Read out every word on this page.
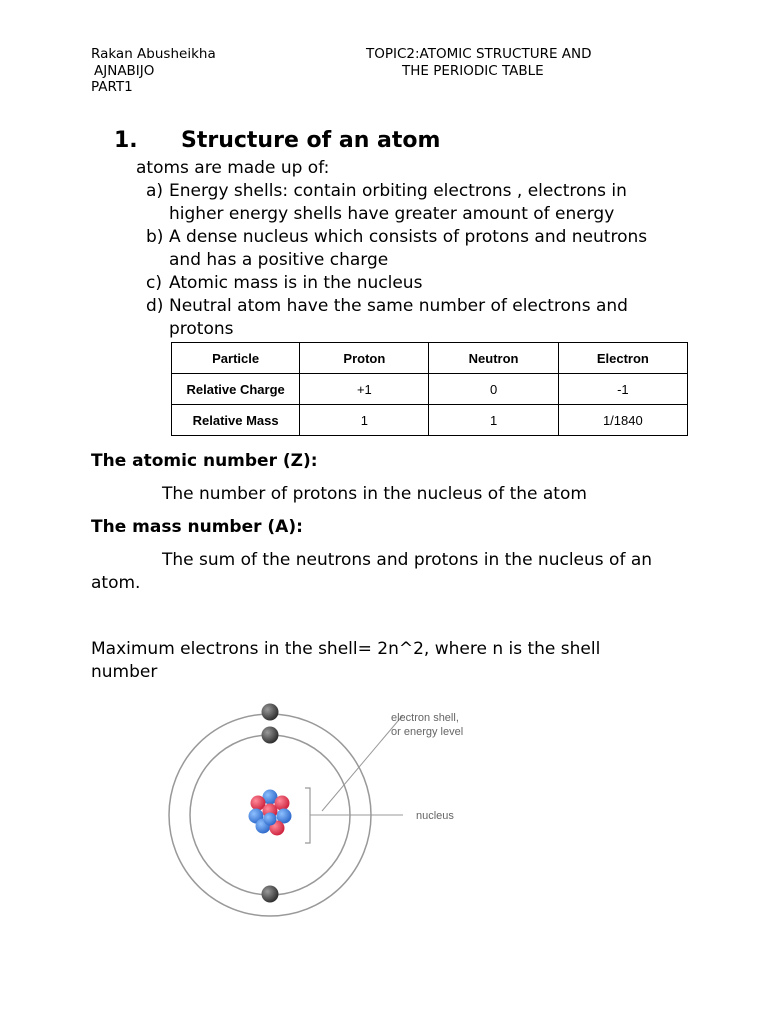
Rakan Abusheikha
AJNABIJO
PART1
TOPIC2:ATOMIC STRUCTURE AND
THE PERIODIC TABLE
1. Structure of an atom
atoms are made up of:
a) Energy shells: contain orbiting electrons , electrons in
higher energy shells have greater amount of energy
b) A dense nucleus which consists of protons and neutrons
and has a positive charge
c) Atomic mass is in the nucleus
d) Neutral atom have the same number of electrons and
protons
Particle	Proton	Neutron	Electron
Relative Charge	+1	0	-1
Relative Mass	1	1	1/1840
The atomic number (Z):
The number of protons in the nucleus of the atom
The mass number (A):
The sum of the neutrons and protons in the nucleus of an
atom.
Maximum electrons in the shell= 2n^2, where n is the shell
number
electron shell,
or energy level
nucleus
